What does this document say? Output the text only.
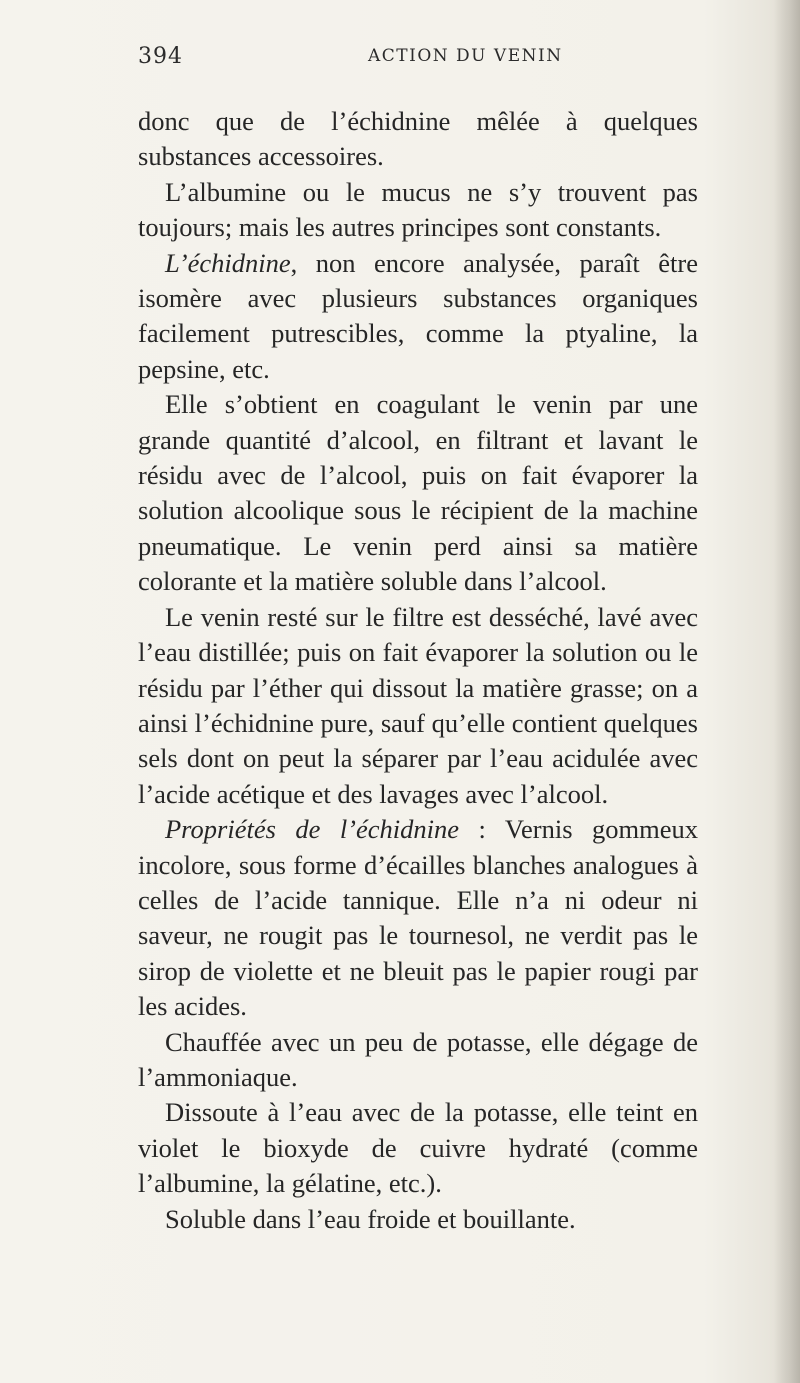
394	ACTION DU VENIN

donc que de l’échidnine mêlée à quelques substances accessoires.

L’albumine ou le mucus ne s’y trouvent pas toujours; mais les autres principes sont constants.

L’échidnine, non encore analysée, paraît être isomère avec plusieurs substances organiques facilement putrescibles, comme la ptyaline, la pepsine, etc.

Elle s’obtient en coagulant le venin par une grande quantité d’alcool, en filtrant et lavant le résidu avec de l’alcool, puis on fait évaporer la solution alcoolique sous le récipient de la machine pneumatique. Le venin perd ainsi sa matière colorante et la matière soluble dans l’alcool.

Le venin resté sur le filtre est desséché, lavé avec l’eau distillée; puis on fait évaporer la solution ou le résidu par l’éther qui dissout la matière grasse; on a ainsi l’échidnine pure, sauf qu’elle contient quelques sels dont on peut la séparer par l’eau acidulée avec l’acide acétique et des lavages avec l’alcool.

Propriétés de l’échidnine : Vernis gommeux incolore, sous forme d’écailles blanches analogues à celles de l’acide tannique. Elle n’a ni odeur ni saveur, ne rougit pas le tournesol, ne verdit pas le sirop de violette et ne bleuit pas le papier rougi par les acides.

Chauffée avec un peu de potasse, elle dégage de l’ammoniaque.

Dissoute à l’eau avec de la potasse, elle teint en violet le bioxyde de cuivre hydraté (comme l’albumine, la gélatine, etc.).

Soluble dans l’eau froide et bouillante.
